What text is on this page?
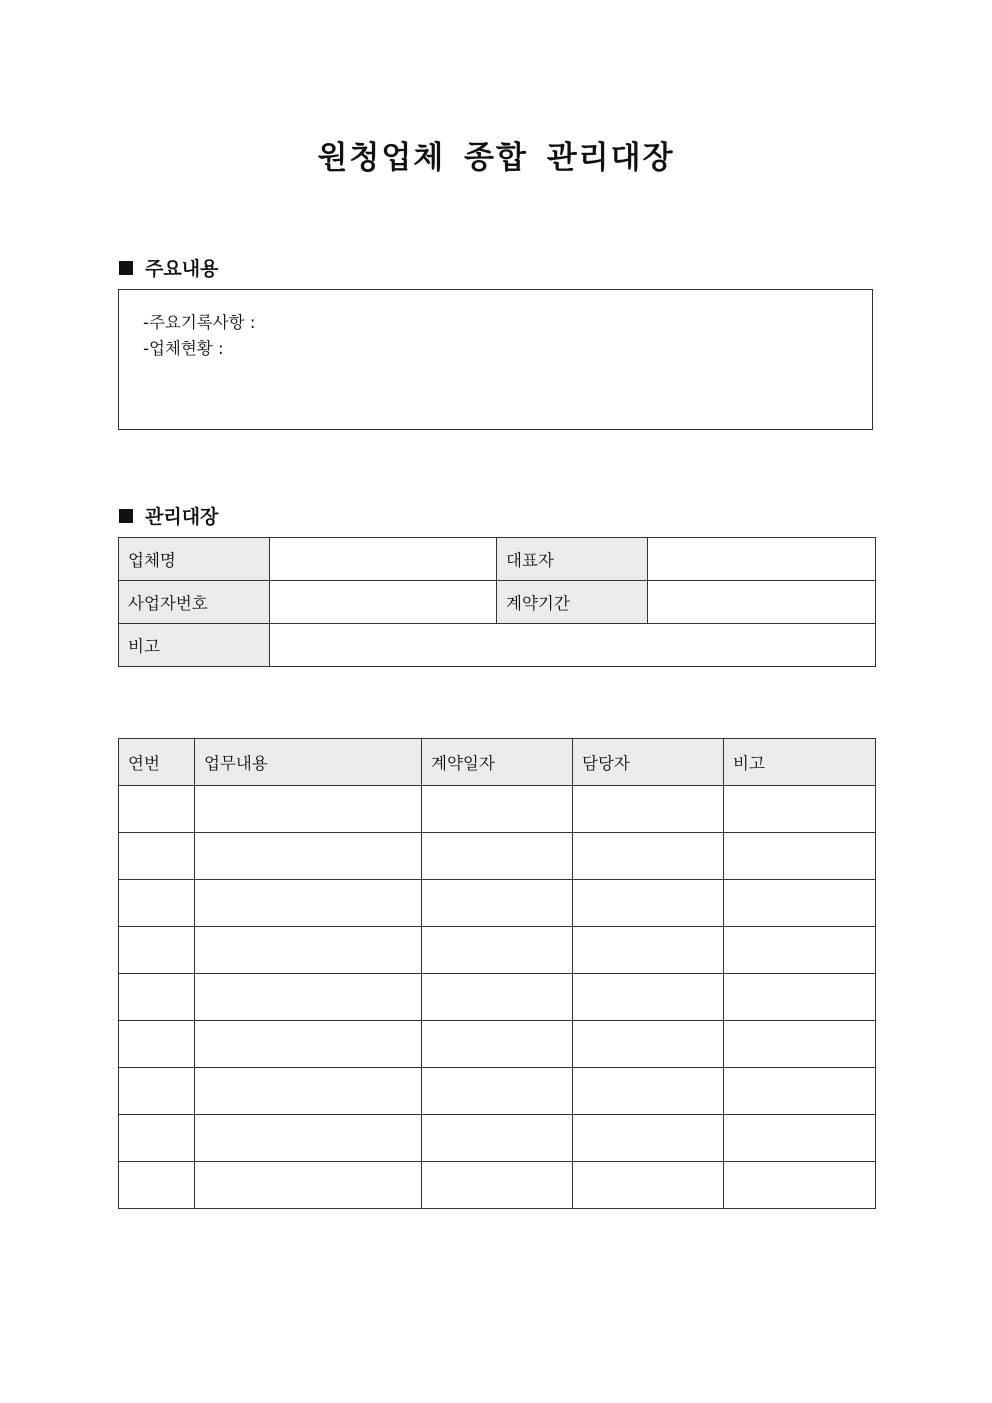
원청업체 종합 관리대장
주요내용
-주요기록사항 :
-업체현황 :
관리대장
업체명		대표자	
사업자번호		계약기간	
비고			
연번	업무내용	계약일자	담당자	비고
